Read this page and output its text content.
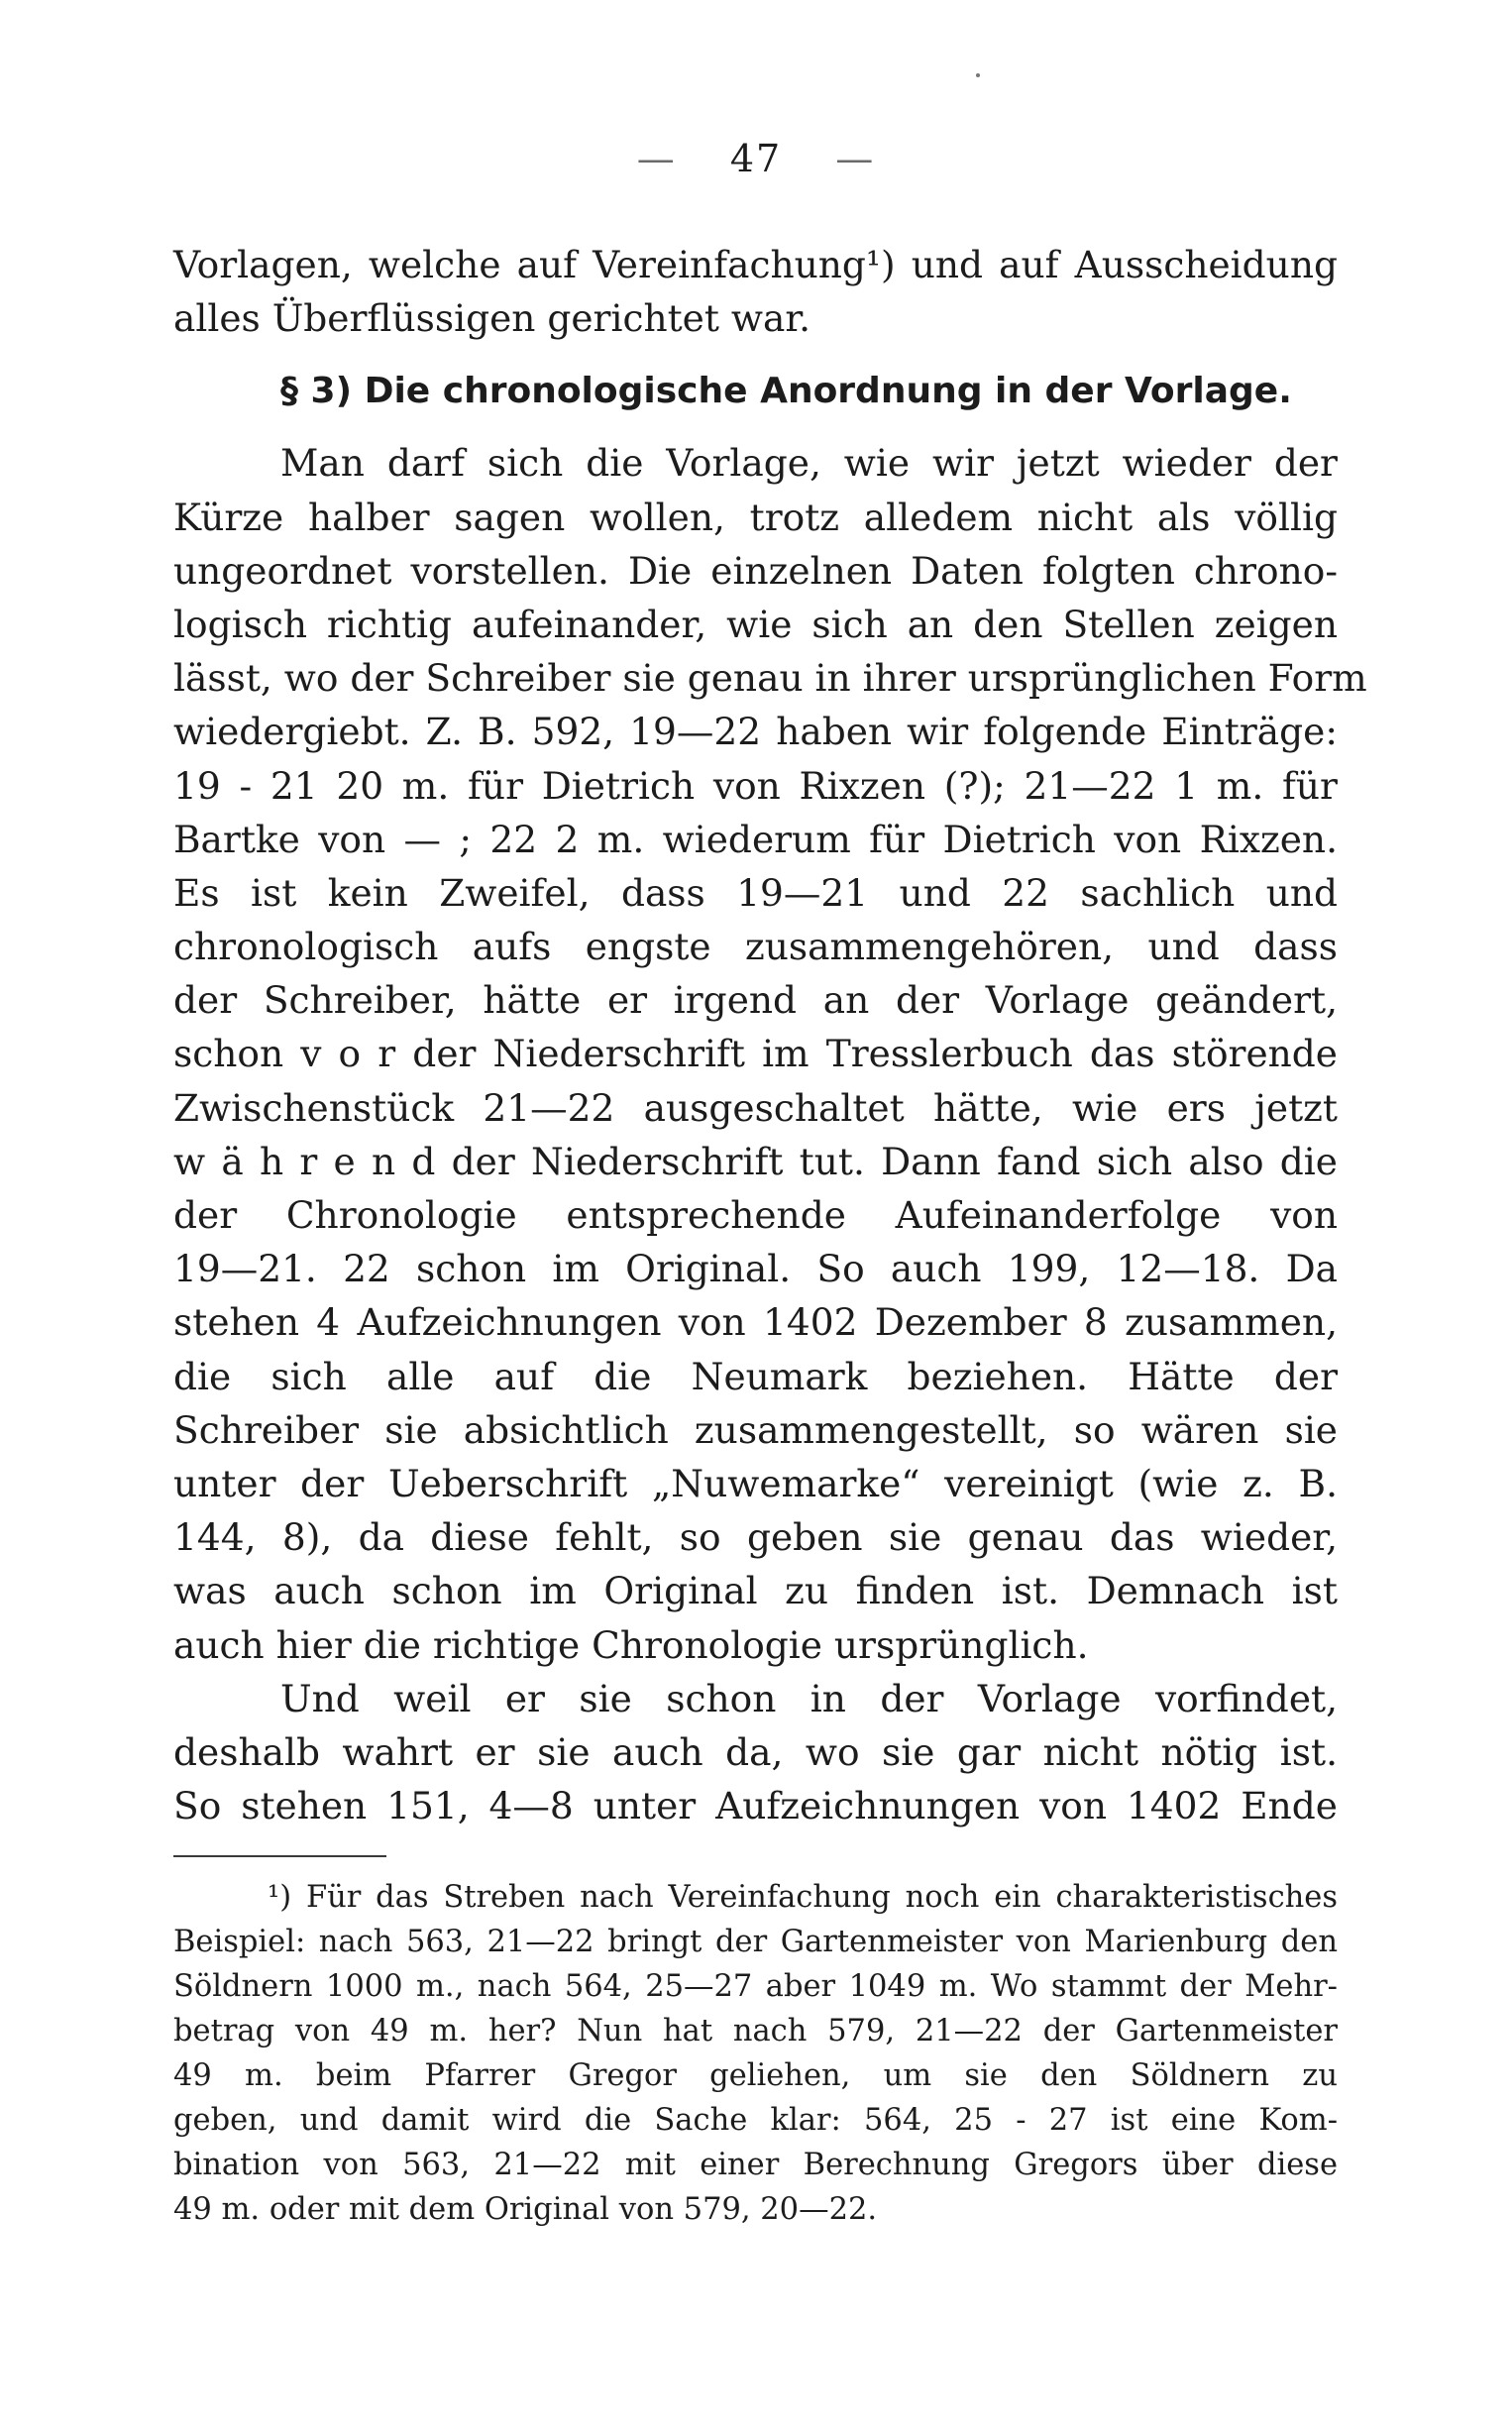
— 47 —
Vorlagen, welche auf Vereinfachung¹) und auf Ausscheidung
alles Überflüssigen gerichtet war.
§ 3) Die chronologische Anordnung in der Vorlage.
Man darf sich die Vorlage, wie wir jetzt wieder der
Kürze halber sagen wollen, trotz alledem nicht als völlig
ungeordnet vorstellen. Die einzelnen Daten folgten chrono-
logisch richtig aufeinander, wie sich an den Stellen zeigen
lässt, wo der Schreiber sie genau in ihrer ursprünglichen Form
wiedergiebt. Z. B. 592, 19—22 haben wir folgende Einträge:
19 - 21 20 m. für Dietrich von Rixzen (?); 21—22 1 m. für
Bartke von — ; 22 2 m. wiederum für Dietrich von Rixzen.
Es ist kein Zweifel, dass 19—21 und 22 sachlich und
chronologisch aufs engste zusammengehören, und dass
der Schreiber, hätte er irgend an der Vorlage geändert,
schon v o r der Niederschrift im Tresslerbuch das störende
Zwischenstück 21—22 ausgeschaltet hätte, wie ers jetzt
w ä h r e n d der Niederschrift tut. Dann fand sich also die
der Chronologie entsprechende Aufeinanderfolge von
19—21. 22 schon im Original. So auch 199, 12—18. Da
stehen 4 Aufzeichnungen von 1402 Dezember 8 zusammen,
die sich alle auf die Neumark beziehen. Hätte der
Schreiber sie absichtlich zusammengestellt, so wären sie
unter der Ueberschrift „Nuwemarke“ vereinigt (wie z. B.
144, 8), da diese fehlt, so geben sie genau das wieder,
was auch schon im Original zu finden ist. Demnach ist
auch hier die richtige Chronologie ursprünglich.
Und weil er sie schon in der Vorlage vorfindet,
deshalb wahrt er sie auch da, wo sie gar nicht nötig ist.
So stehen 151, 4—8 unter Aufzeichnungen von 1402 Ende
¹) Für das Streben nach Vereinfachung noch ein charakteristisches
Beispiel: nach 563, 21—22 bringt der Gartenmeister von Marienburg den
Söldnern 1000 m., nach 564, 25—27 aber 1049 m. Wo stammt der Mehr-
betrag von 49 m. her? Nun hat nach 579, 21—22 der Gartenmeister
49 m. beim Pfarrer Gregor geliehen, um sie den Söldnern zu
geben, und damit wird die Sache klar: 564, 25 - 27 ist eine Kom-
bination von 563, 21—22 mit einer Berechnung Gregors über diese
49 m. oder mit dem Original von 579, 20—22.
